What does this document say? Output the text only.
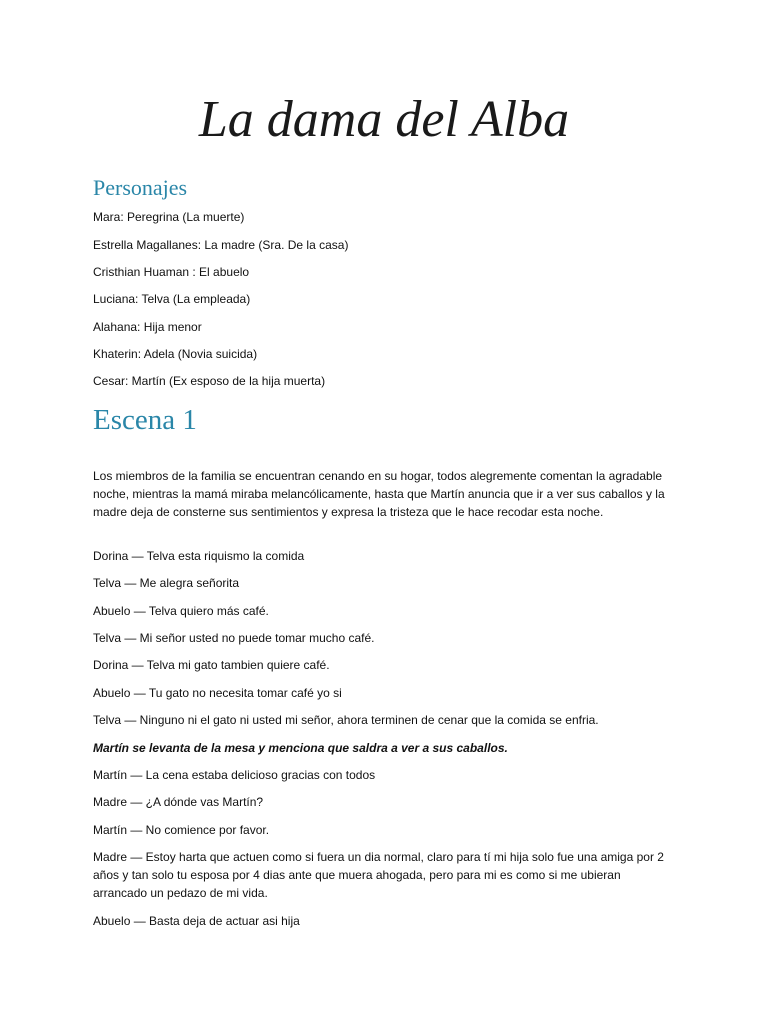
La dama del Alba
Personajes

Mara: Peregrina (La muerte)

Estrella Magallanes: La madre (Sra. De la casa)

Cristhian Huaman : El abuelo

Luciana: Telva (La empleada)

Alahana: Hija menor

Khaterin: Adela (Novia suicida)

Cesar: Martín (Ex esposo de la hija muerta)

Escena 1

Los miembros de la familia se encuentran cenando en su hogar, todos alegremente comentan la agradable noche, mientras la mamá miraba melancólicamente, hasta que Martín anuncia que ir a ver sus caballos y la madre deja de consterne sus sentimientos y expresa la tristeza que le hace recodar esta noche.

Dorina — Telva esta riquismo la comida

Telva — Me alegra señorita

Abuelo — Telva quiero más café.

Telva — Mi señor usted no puede tomar mucho café.

Dorina — Telva mi gato tambien quiere café.

Abuelo — Tu gato no necesita tomar café yo si

Telva — Ninguno ni el gato ni usted mi señor, ahora terminen de cenar que la comida se enfria.

Martín se levanta de la mesa y menciona que saldra a ver a sus caballos.

Martín — La cena estaba delicioso gracias con todos

Madre — ¿A dónde vas Martín?

Martín — No comience por favor.

Madre — Estoy harta que actuen como si fuera un dia normal, claro para tí mi hija solo fue una amiga por 2 años y tan solo tu esposa por 4 dias ante que muera ahogada, pero para mi es como si me ubieran arrancado un pedazo de mi vida.

Abuelo — Basta deja de actuar asi hija
